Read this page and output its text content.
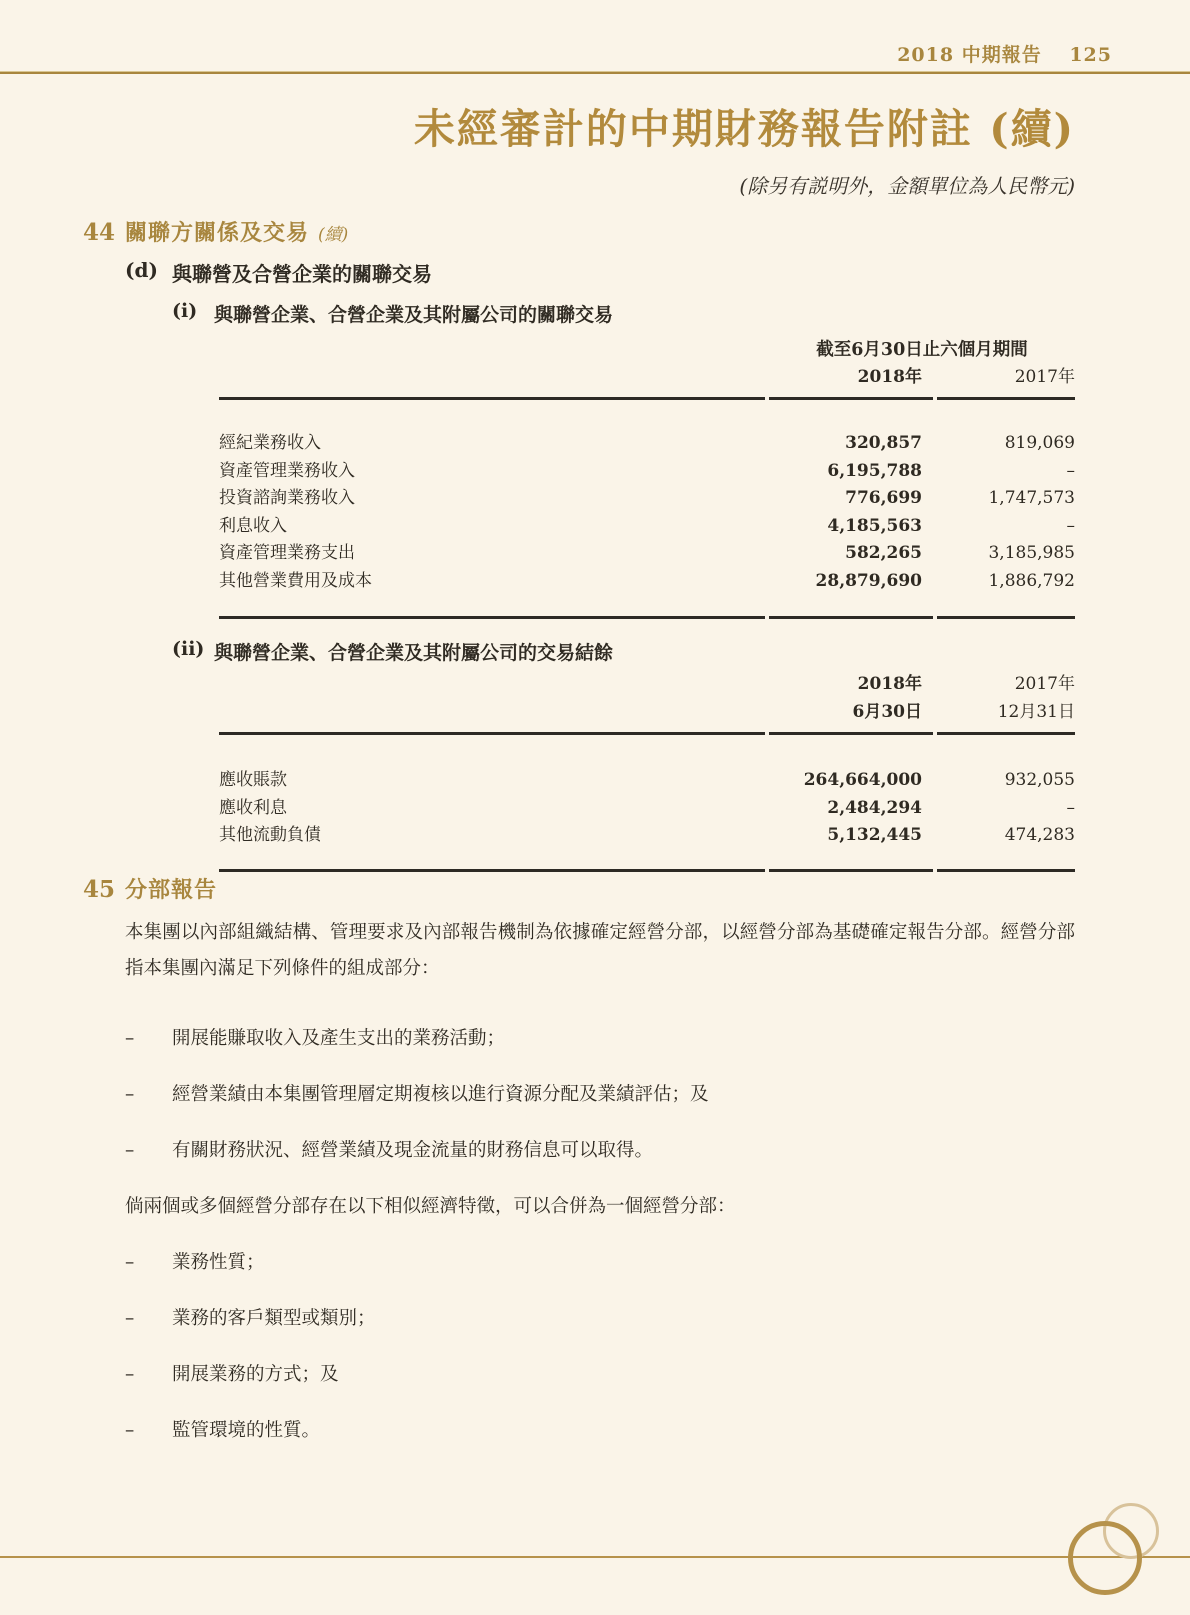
2018 中期報告 125
未經審計的中期財務報告附註 (續)
(除另有説明外，金額單位為人民幣元)
44 關聯方關係及交易 (續)
(d) 與聯營及合營企業的關聯交易
(i) 與聯營企業、合營企業及其附屬公司的關聯交易
截至6月30日止六個月期間
2018年	2017年
經紀業務收入	320,857	819,069
資產管理業務收入	6,195,788	–
投資諮詢業務收入	776,699	1,747,573
利息收入	4,185,563	–
資產管理業務支出	582,265	3,185,985
其他營業費用及成本	28,879,690	1,886,792
(ii) 與聯營企業、合營企業及其附屬公司的交易結餘
2018年	2017年
6月30日	12月31日
應收賬款	264,664,000	932,055
應收利息	2,484,294	–
其他流動負債	5,132,445	474,283
45 分部報告
本集團以內部組織結構、管理要求及內部報告機制為依據確定經營分部，以經營分部為基礎確定報告分部。經營分部指本集團內滿足下列條件的組成部分：
–	開展能賺取收入及產生支出的業務活動；
–	經營業績由本集團管理層定期複核以進行資源分配及業績評估；及
–	有關財務狀況、經營業績及現金流量的財務信息可以取得。
倘兩個或多個經營分部存在以下相似經濟特徵，可以合併為一個經營分部：
–	業務性質；
–	業務的客戶類型或類別；
–	開展業務的方式；及
–	監管環境的性質。
